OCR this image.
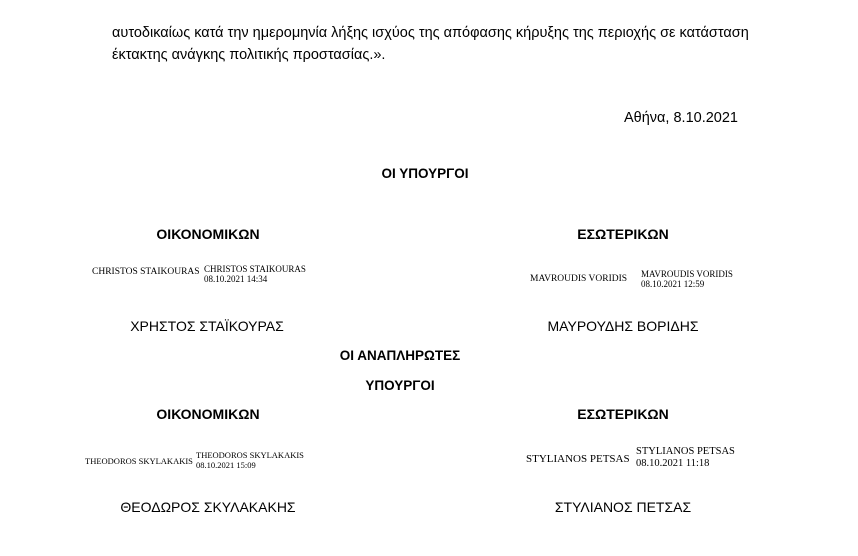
αυτοδικαίως κατά την ημερομηνία λήξης ισχύος της απόφασης κήρυξης της περιοχής σε κατάσταση έκτακτης ανάγκης πολιτικής προστασίας.».
Αθήνα, 8.10.2021
ΟΙ ΥΠΟΥΡΓΟΙ
ΟΙΚΟΝΟΜΙΚΩΝ
CHRISTOS STAIKOURAS CHRISTOS STAIKOURAS
08.10.2021 14:34
ΧΡΗΣΤΟΣ ΣΤΑΪΚΟΥΡΑΣ
ΕΣΩΤΕΡΙΚΩΝ
MAVROUDIS VORIDIS MAVROUDIS VORIDIS
08.10.2021 12:59
ΜΑΥΡΟΥΔΗΣ ΒΟΡΙΔΗΣ
ΟΙ ΑΝΑΠΛΗΡΩΤΕΣ
ΥΠΟΥΡΓΟΙ
ΟΙΚΟΝΟΜΙΚΩΝ
THEODOROS SKYLAKAKIS
THEODOROS SKYLAKAKIS
08.10.2021 15:09
ΘΕΟΔΩΡΟΣ ΣΚΥΛΑΚΑΚΗΣ
ΕΣΩΤΕΡΙΚΩΝ
STYLIANOS PETSAS
STYLIANOS PETSAS
08.10.2021 11:18
ΣΤΥΛΙΑΝΟΣ ΠΕΤΣΑΣ
